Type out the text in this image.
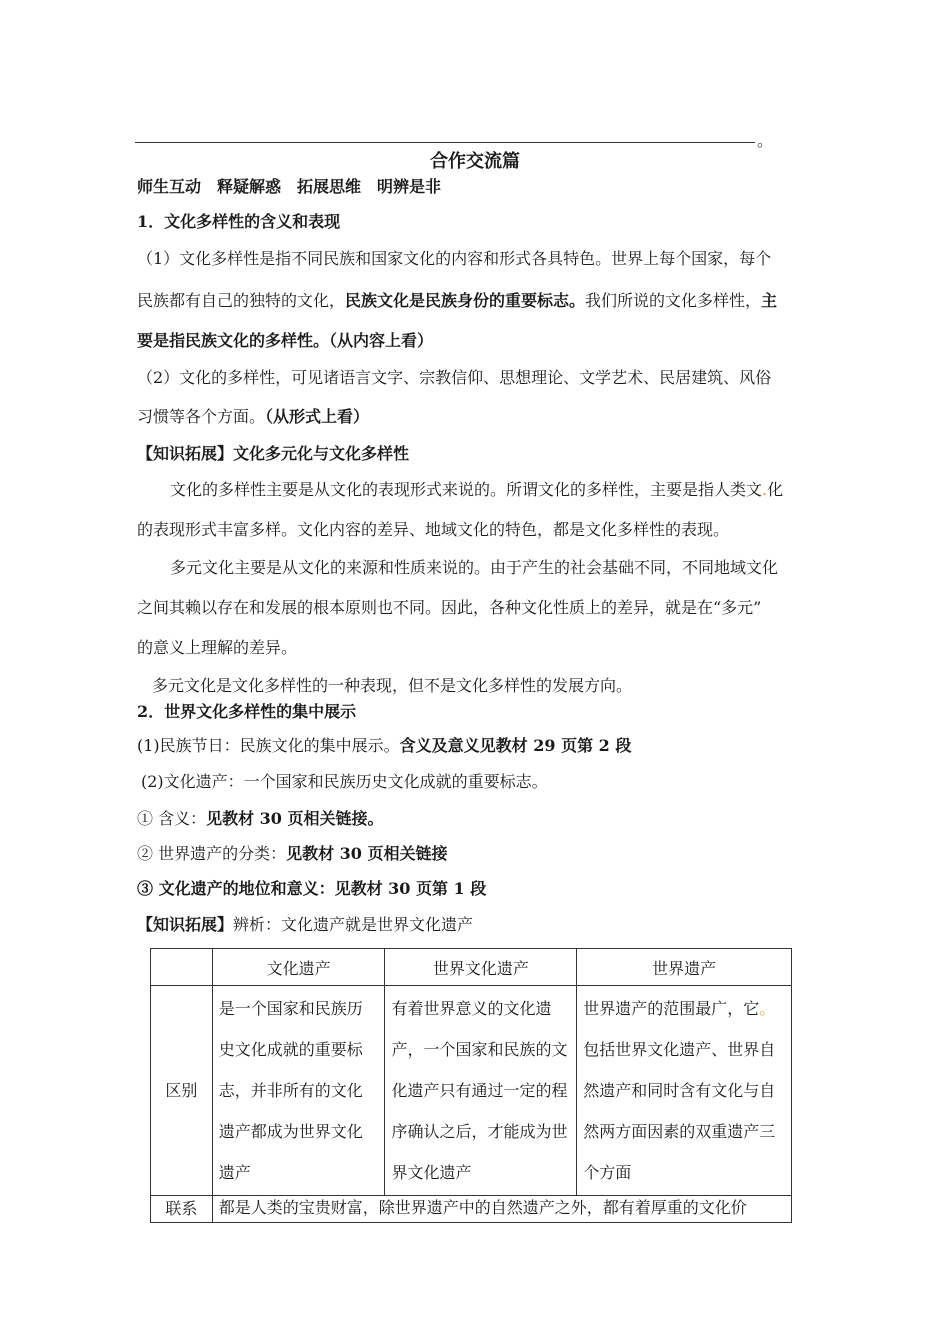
。
合作交流篇
师生互动　释疑解惑　拓展思维　明辨是非
1．文化多样性的含义和表现
（1）文化多样性是指不同民族和国家文化的内容和形式各具特色。世界上每个国家，每个
民族都有自己的独特的文化，民族文化是民族身份的重要标志。我们所说的文化多样性，主
要是指民族文化的多样性。（从内容上看）
（2）文化的多样性，可见诸语言文字、宗教信仰、思想理论、文学艺术、民居建筑、风俗
习惯等各个方面。（从形式上看）
【知识拓展】文化多元化与文化多样性
文化的多样性主要是从文化的表现形式来说的。所谓文化的多样性，主要是指人类文.化
的表现形式丰富多样。文化内容的差异、地域文化的特色，都是文化多样性的表现。
多元文化主要是从文化的来源和性质来说的。由于产生的社会基础不同，不同地域文化
之间其赖以存在和发展的根本原则也不同。因此，各种文化性质上的差异，就是在“多元”
的意义上理解的差异。
多元文化是文化多样性的一种表现，但不是文化多样性的发展方向。
2．世界文化多样性的集中展示
(1)民族节日：民族文化的集中展示。含义及意义见教材 29 页第 2 段
(2)文化遗产：一个国家和民族历史文化成就的重要标志。
① 含义：见教材 30 页相关链接。
② 世界遗产的分类：见教材 30 页相关链接
③ 文化遗产的地位和意义：见教材 30 页第 1 段
【知识拓展】辨析：文化遗产就是世界文化遗产
	文化遗产	世界文化遗产	世界遗产
区别	是一个国家和民族历史文化成就的重要标志，并非所有的文化遗产都成为世界文化遗产	有着世界意义的文化遗产，一个国家和民族的文化遗产只有通过一定的程序确认之后，才能成为世界文化遗产	世界遗产的范围最广，它。包括世界文化遗产、世界自然遗产和同时含有文化与自然两方面因素的双重遗产三个方面
联系	都是人类的宝贵财富，除世界遗产中的自然遗产之外，都有着厚重的文化价		
